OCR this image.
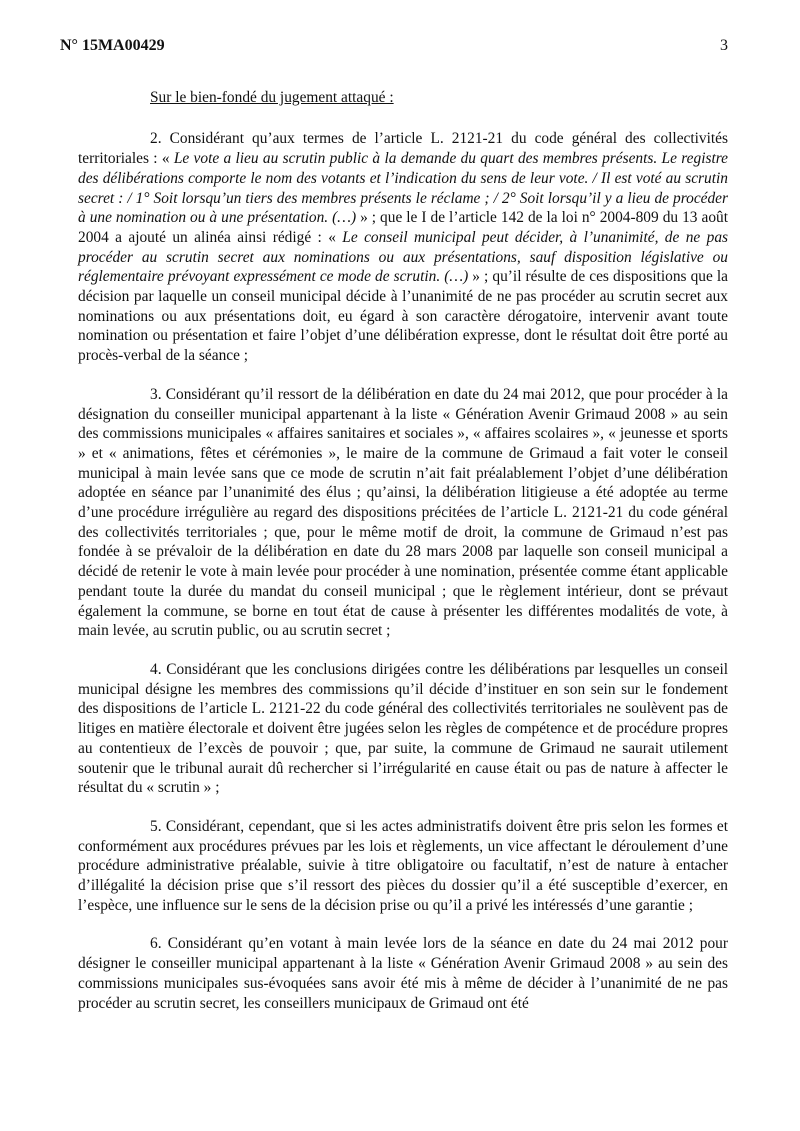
N° 15MA00429	3
Sur le bien-fondé du jugement attaqué :

2. Considérant qu’aux termes de l’article L. 2121-21 du code général des collectivités territoriales : « Le vote a lieu au scrutin public à la demande du quart des membres présents. Le registre des délibérations comporte le nom des votants et l’indication du sens de leur vote. / Il est voté au scrutin secret : / 1° Soit lorsqu’un tiers des membres présents le réclame ; / 2° Soit lorsqu’il y a lieu de procéder à une nomination ou à une présentation. (…) » ; que le I de l’article 142 de la loi n° 2004-809 du 13 août 2004 a ajouté un alinéa ainsi rédigé : « Le conseil municipal peut décider, à l’unanimité, de ne pas procéder au scrutin secret aux nominations ou aux présentations, sauf disposition législative ou réglementaire prévoyant expressément ce mode de scrutin. (…) » ; qu’il résulte de ces dispositions que la décision par laquelle un conseil municipal décide à l’unanimité de ne pas procéder au scrutin secret aux nominations ou aux présentations doit, eu égard à son caractère dérogatoire, intervenir avant toute nomination ou présentation et faire l’objet d’une délibération expresse, dont le résultat doit être porté au procès-verbal de la séance ;

3. Considérant qu’il ressort de la délibération en date du 24 mai 2012, que pour procéder à la désignation du conseiller municipal appartenant à la liste « Génération Avenir Grimaud 2008 » au sein des commissions municipales « affaires sanitaires et sociales », « affaires scolaires », « jeunesse et sports » et « animations, fêtes et cérémonies », le maire de la commune de Grimaud a fait voter le conseil municipal à main levée sans que ce mode de scrutin n’ait fait préalablement l’objet d’une délibération adoptée en séance par l’unanimité des élus ; qu’ainsi, la délibération litigieuse a été adoptée au terme d’une procédure irrégulière au regard des dispositions précitées de l’article L. 2121-21 du code général des collectivités territoriales ; que, pour le même motif de droit, la commune de Grimaud n’est pas fondée à se prévaloir de la délibération en date du 28 mars 2008 par laquelle son conseil municipal a décidé de retenir le vote à main levée pour procéder à une nomination, présentée comme étant applicable pendant toute la durée du mandat du conseil municipal ; que le règlement intérieur, dont se prévaut également la commune, se borne en tout état de cause à présenter les différentes modalités de vote, à main levée, au scrutin public, ou au scrutin secret ;

4. Considérant que les conclusions dirigées contre les délibérations par lesquelles un conseil municipal désigne les membres des commissions qu’il décide d’instituer en son sein sur le fondement des dispositions de l’article L. 2121-22 du code général des collectivités territoriales ne soulèvent pas de litiges en matière électorale et doivent être jugées selon les règles de compétence et de procédure propres au contentieux de l’excès de pouvoir ; que, par suite, la commune de Grimaud ne saurait utilement soutenir que le tribunal aurait dû rechercher si l’irrégularité en cause était ou pas de nature à affecter le résultat du « scrutin » ;

5. Considérant, cependant, que si les actes administratifs doivent être pris selon les formes et conformément aux procédures prévues par les lois et règlements, un vice affectant le déroulement d’une procédure administrative préalable, suivie à titre obligatoire ou facultatif, n’est de nature à entacher d’illégalité la décision prise que s’il ressort des pièces du dossier qu’il a été susceptible d’exercer, en l’espèce, une influence sur le sens de la décision prise ou qu’il a privé les intéressés d’une garantie ;

6. Considérant qu’en votant à main levée lors de la séance en date du 24 mai 2012 pour désigner le conseiller municipal appartenant à la liste « Génération Avenir Grimaud 2008 » au sein des commissions municipales sus-évoquées sans avoir été mis à même de décider à l’unanimité de ne pas procéder au scrutin secret, les conseillers municipaux de Grimaud ont été
